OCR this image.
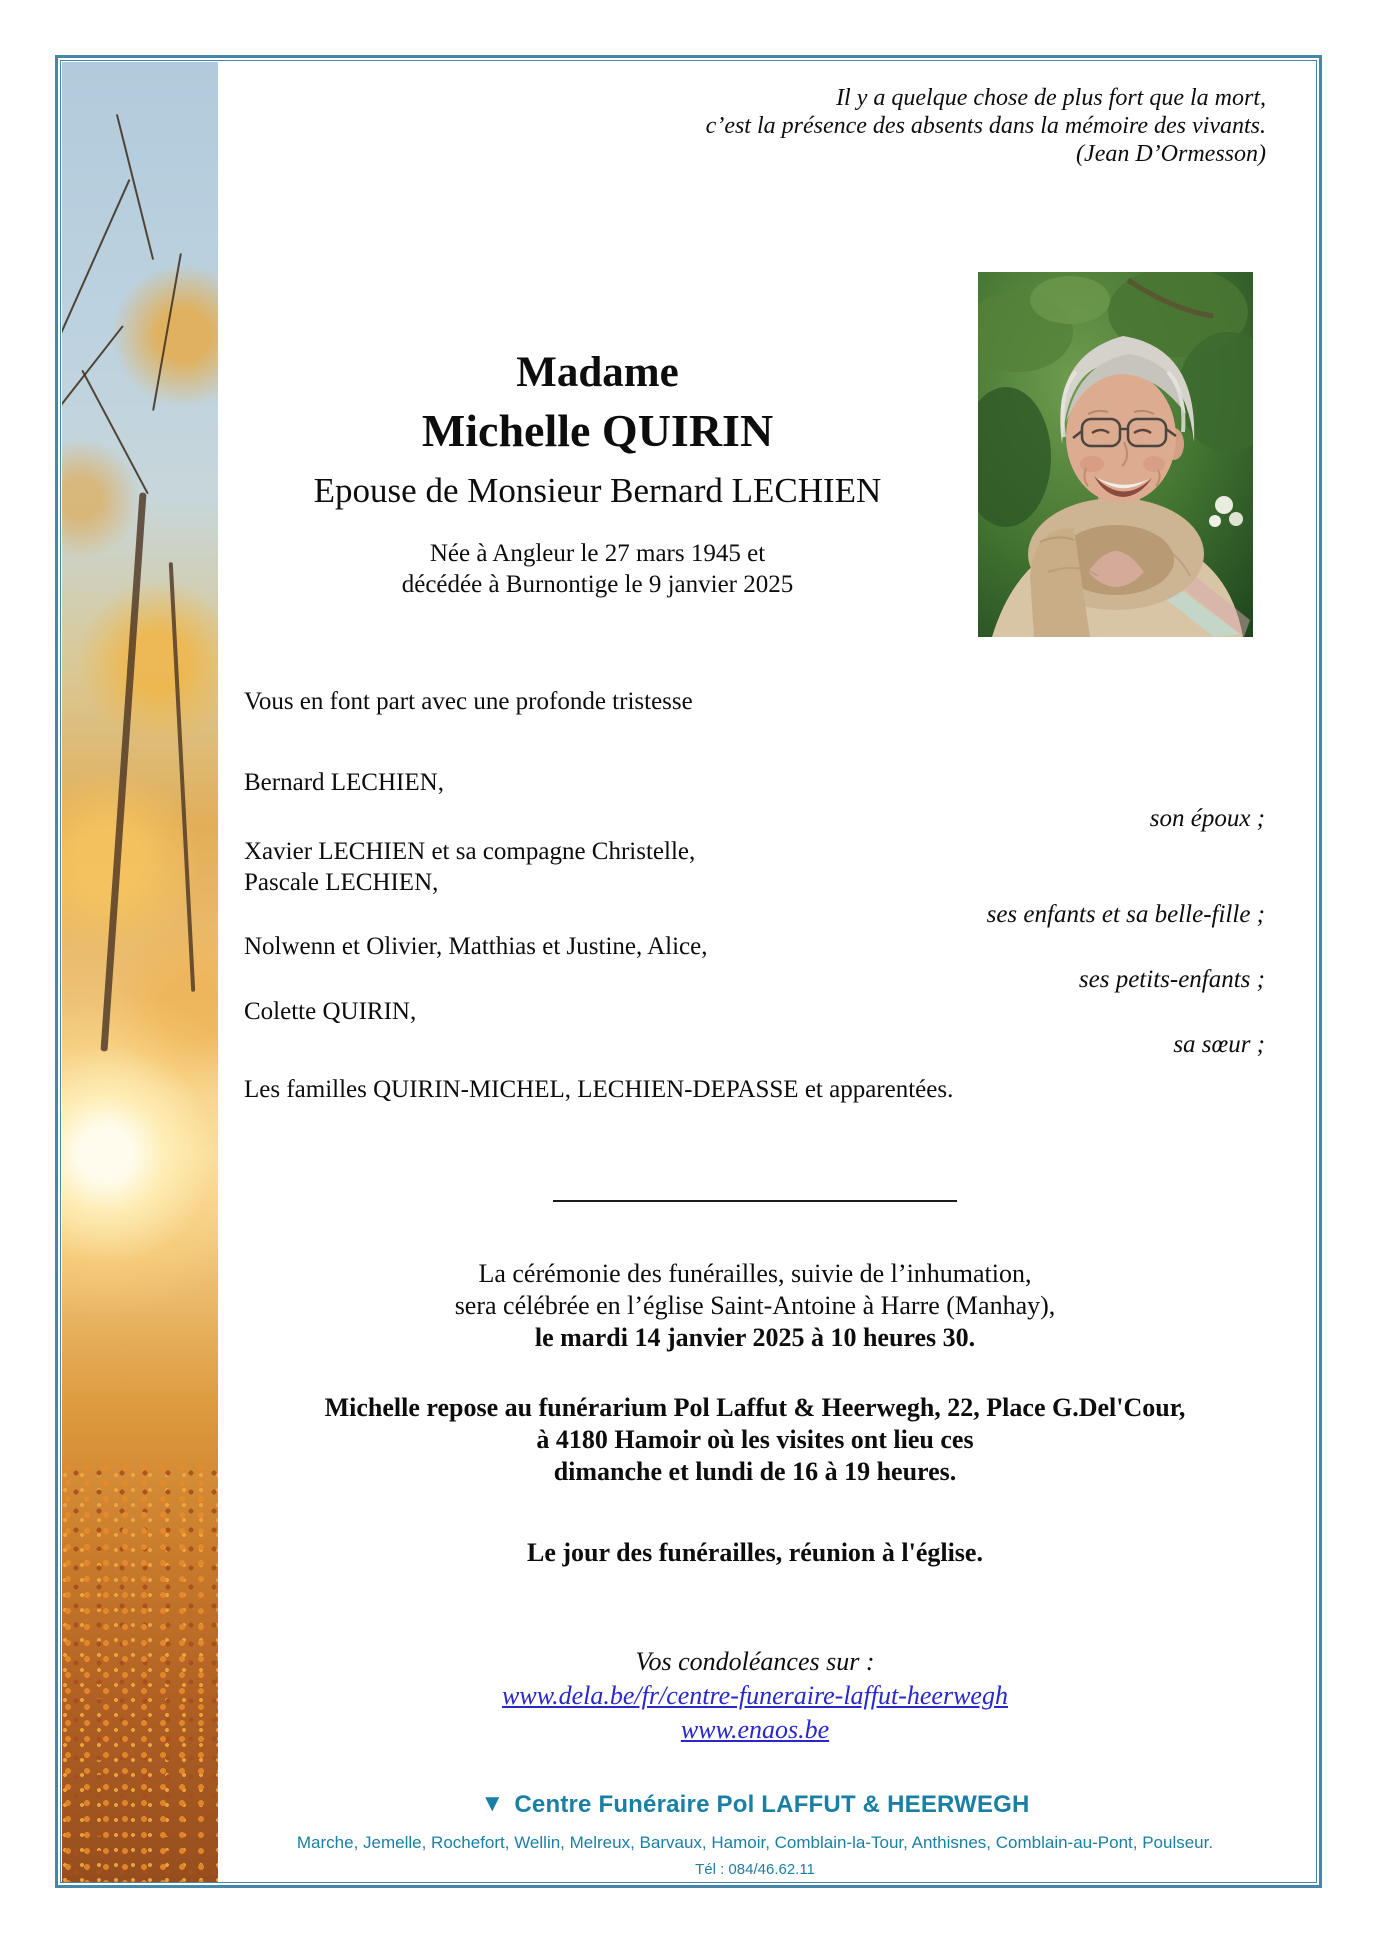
Il y a quelque chose de plus fort que la mort,
c’est la présence des absents dans la mémoire des vivants.
(Jean D’Ormesson)
Madame
Michelle QUIRIN
Epouse de Monsieur Bernard LECHIEN
Née à Angleur le 27 mars 1945 et
décédée à Burnontige le 9 janvier 2025
Vous en font part avec une profonde tristesse
Bernard LECHIEN,
son époux ;
Xavier LECHIEN et sa compagne Christelle,
Pascale LECHIEN,
ses enfants et sa belle-fille ;
Nolwenn et Olivier, Matthias et Justine, Alice,
ses petits-enfants ;
Colette QUIRIN,
sa sœur ;
Les familles QUIRIN-MICHEL, LECHIEN-DEPASSE et apparentées.
La cérémonie des funérailles, suivie de l’inhumation,
sera célébrée en l’église Saint-Antoine à Harre (Manhay),
le mardi 14 janvier 2025 à 10 heures 30.
Michelle repose au funérarium Pol Laffut & Heerwegh, 22, Place G.Del'Cour,
à 4180 Hamoir où les visites ont lieu ces
dimanche et lundi de 16 à 19 heures.
Le jour des funérailles, réunion à l'église.
Vos condoléances sur :
www.dela.be/fr/centre-funeraire-laffut-heerwegh
www.enaos.be
▼ Centre Funéraire Pol LAFFUT & HEERWEGH
Marche, Jemelle, Rochefort, Wellin, Melreux, Barvaux, Hamoir, Comblain-la-Tour, Anthisnes, Comblain-au-Pont, Poulseur.
Tél : 084/46.62.11
